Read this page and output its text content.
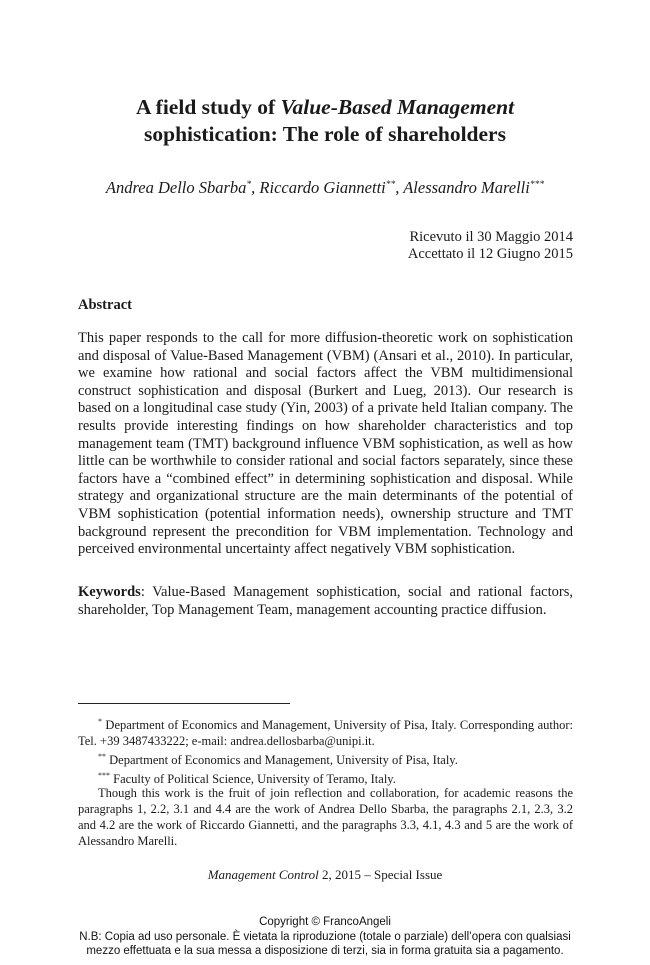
A field study of Value-Based Management
sophistication: The role of shareholders
Andrea Dello Sbarba*, Riccardo Giannetti**, Alessandro Marelli***
Ricevuto il 30 Maggio 2014
Accettato il 12 Giugno 2015
Abstract
This paper responds to the call for more diffusion-theoretic work on sophistication and disposal of Value-Based Management (VBM) (Ansari et al., 2010). In particular, we examine how rational and social factors affect the VBM multidimensional construct sophistication and disposal (Burkert and Lueg, 2013). Our research is based on a longitudinal case study (Yin, 2003) of a private held Italian company. The results provide interesting findings on how shareholder characteristics and top management team (TMT) background influence VBM sophistication, as well as how little can be worthwhile to consider rational and social factors separately, since these factors have a “combined effect” in determining sophistication and disposal. While strategy and organizational structure are the main determinants of the potential of VBM sophistication (potential information needs), ownership structure and TMT background represent the precondition for VBM implementation. Technology and perceived environmental uncertainty affect negatively VBM sophistication.
Keywords: Value-Based Management sophistication, social and rational factors, shareholder, Top Management Team, management accounting practice diffusion.
* Department of Economics and Management, University of Pisa, Italy. Corresponding author: Tel. +39 3487433222; e-mail: andrea.dellosbarba@unipi.it.
** Department of Economics and Management, University of Pisa, Italy.
*** Faculty of Political Science, University of Teramo, Italy.
Though this work is the fruit of join reflection and collaboration, for academic reasons the paragraphs 1, 2.2, 3.1 and 4.4 are the work of Andrea Dello Sbarba, the paragraphs 2.1, 2.3, 3.2 and 4.2 are the work of Riccardo Giannetti, and the paragraphs 3.3, 4.1, 4.3 and 5 are the work of Alessandro Marelli.
Management Control 2, 2015 – Special Issue
Copyright © FrancoAngeli
N.B: Copia ad uso personale. È vietata la riproduzione (totale o parziale) dell’opera con qualsiasi
mezzo effettuata e la sua messa a disposizione di terzi, sia in forma gratuita sia a pagamento.
